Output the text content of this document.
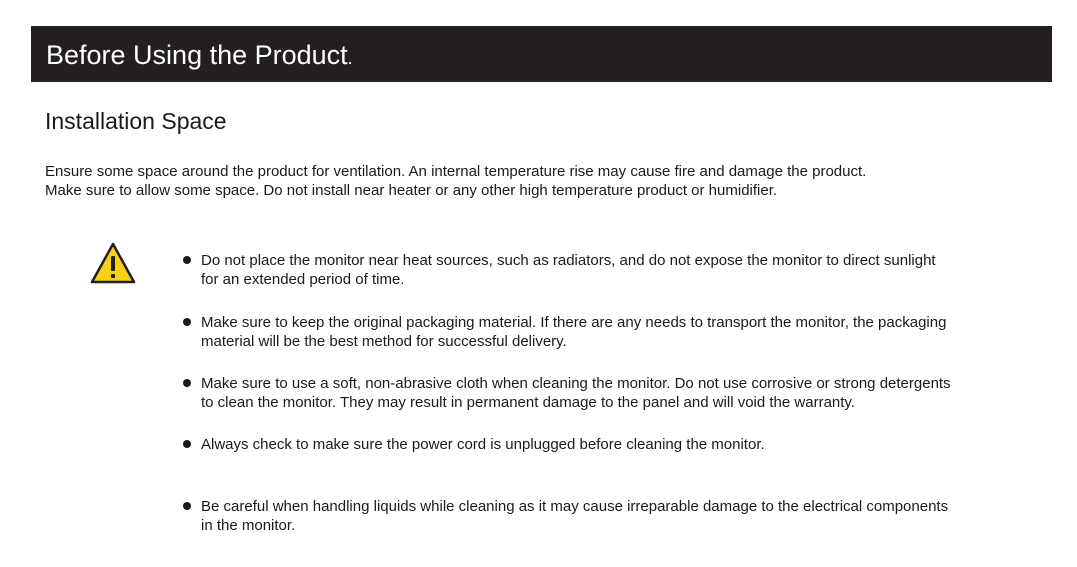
Before Using the Product.
Installation Space
Ensure some space around the product for ventilation. An internal temperature rise may cause fire and damage the product.
Make sure to allow some space. Do not install near heater or any other high temperature product or humidifier.
Do not place the monitor near heat sources, such as radiators, and do not expose the monitor to direct sunlight
for an extended period of time.
Make sure to keep the original packaging material. If there are any needs to transport the monitor, the packaging
material will be the best method for successful delivery.
Make sure to use a soft, non-abrasive cloth when cleaning the monitor. Do not use corrosive or strong detergents
to clean the monitor. They may result in permanent damage to the panel and will void the warranty.
Always check to make sure the power cord is unplugged before cleaning the monitor.
Be careful when handling liquids while cleaning as it may cause irreparable damage to the electrical components
in the monitor.
